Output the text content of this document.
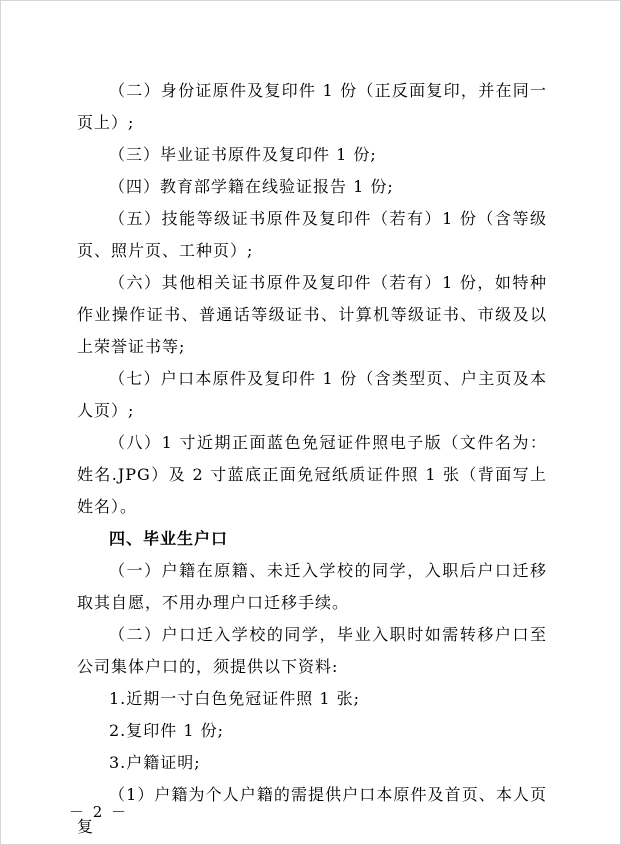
（二）身份证原件及复印件 1 份（正反面复印，并在同一页上）;

（三）毕业证书原件及复印件 1 份;

（四）教育部学籍在线验证报告 1 份;

（五）技能等级证书原件及复印件（若有）1 份（含等级页、照片页、工种页）;

（六）其他相关证书原件及复印件（若有）1 份，如特种作业操作证书、普通话等级证书、计算机等级证书、市级及以上荣誉证书等;

（七）户口本原件及复印件 1 份（含类型页、户主页及本人页）;

（八）1 寸近期正面蓝色免冠证件照电子版（文件名为：姓名.JPG）及 2 寸蓝底正面免冠纸质证件照 1 张（背面写上姓名）。

四、毕业生户口

（一）户籍在原籍、未迁入学校的同学，入职后户口迁移取其自愿，不用办理户口迁移手续。

（二）户口迁入学校的同学，毕业入职时如需转移户口至公司集体户口的，须提供以下资料:

1.近期一寸白色免冠证件照 1 张;

2.复印件 1 份;

3.户籍证明;

（1）户籍为个人户籍的需提供户口本原件及首页、本人页复

－ 2 －
